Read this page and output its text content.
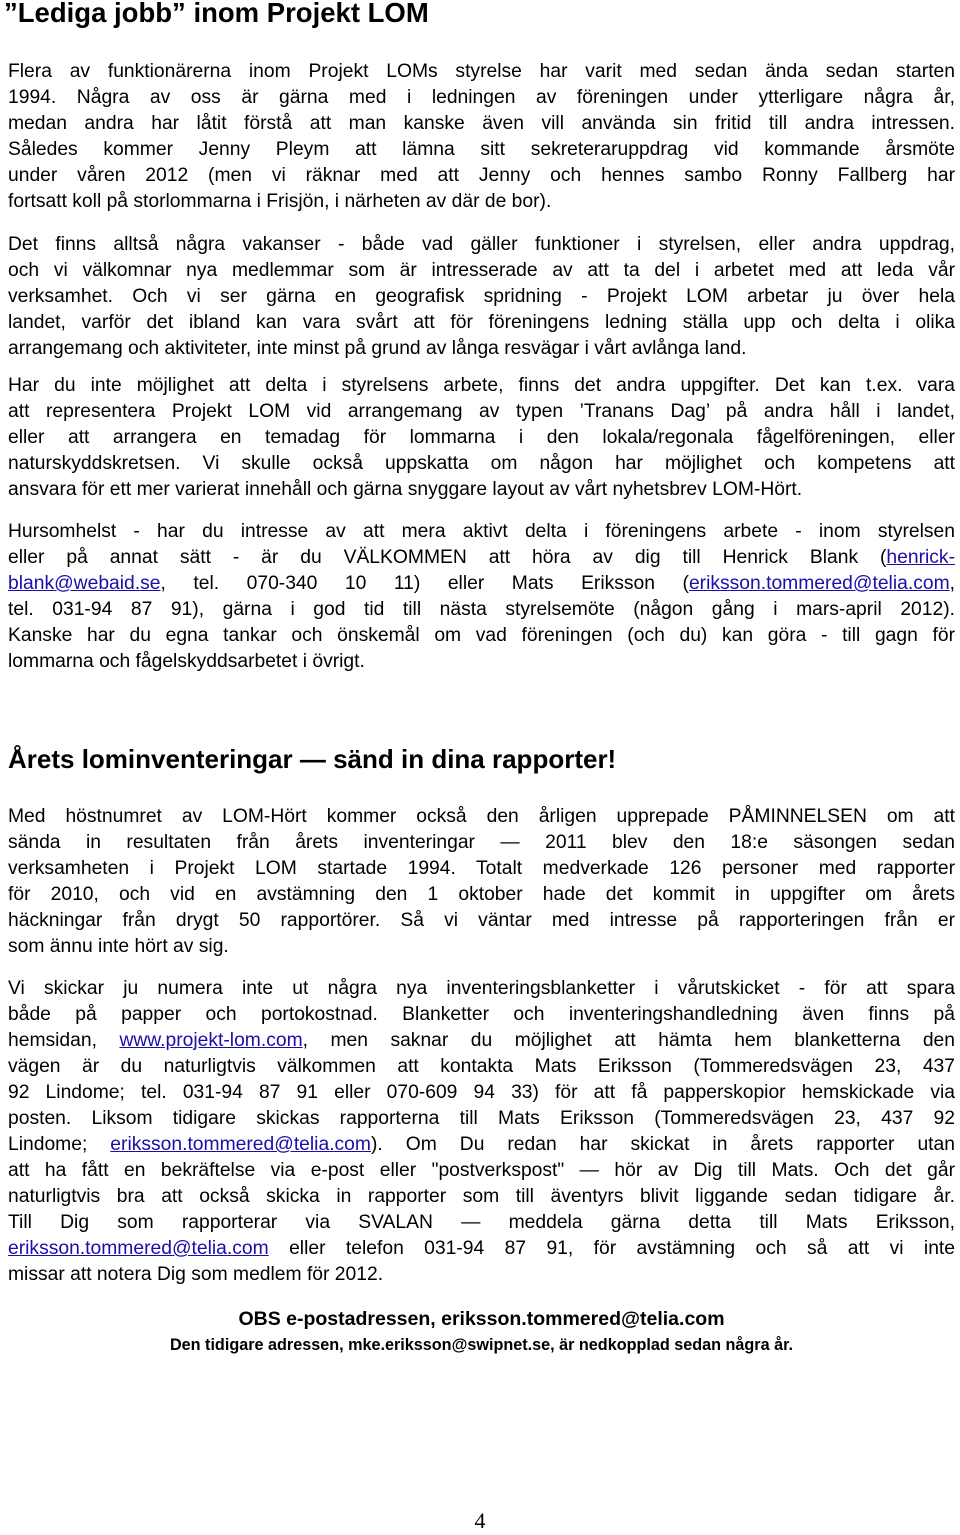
”Lediga jobb” inom Projekt LOM
Flera av funktionärerna inom Projekt LOMs styrelse har varit med sedan ända sedan starten
1994. Några av oss är gärna med i ledningen av föreningen under ytterligare några år,
medan andra har låtit förstå att man kanske även vill använda sin fritid till andra intressen.
Således kommer Jenny Pleym att lämna sitt sekreteraruppdrag vid kommande årsmöte
under våren 2012 (men vi räknar med att Jenny och hennes sambo Ronny Fallberg har
fortsatt koll på storlommarna i Frisjön, i närheten av där de bor).
Det finns alltså några vakanser - både vad gäller funktioner i styrelsen, eller andra uppdrag,
och vi välkomnar nya medlemmar som är intresserade av att ta del i arbetet med att leda vår
verksamhet. Och vi ser gärna en geografisk spridning - Projekt LOM arbetar ju över hela
landet, varför det ibland kan vara svårt att för föreningens ledning ställa upp och delta i olika
arrangemang och aktiviteter, inte minst på grund av långa resvägar i vårt avlånga land.
Har du inte möjlighet att delta i styrelsens arbete, finns det andra uppgifter. Det kan t.ex. vara
att representera Projekt LOM vid arrangemang av typen ’Tranans Dag’ på andra håll i landet,
eller att arrangera en temadag för lommarna i den lokala/regonala fågelföreningen, eller
naturskyddskretsen. Vi skulle också uppskatta om någon har möjlighet och kompetens att
ansvara för ett mer varierat innehåll och gärna snyggare layout av vårt nyhetsbrev LOM-Hört.
Hursomhelst - har du intresse av att mera aktivt delta i föreningens arbete - inom styrelsen
eller på annat sätt - är du VÄLKOMMEN att höra av dig till Henrick Blank (henrick-
blank@webaid.se, tel. 070-340 10 11) eller Mats Eriksson (eriksson.tommered@telia.com,
tel. 031-94 87 91), gärna i god tid till nästa styrelsemöte (någon gång i mars-april 2012).
Kanske har du egna tankar och önskemål om vad föreningen (och du) kan göra - till gagn för
lommarna och fågelskyddsarbetet i övrigt.
Årets lominventeringar — sänd in dina rapporter!
Med höstnumret av LOM-Hört kommer också den årligen upprepade PÅMINNELSEN om att
sända in resultaten från årets inventeringar — 2011 blev den 18:e säsongen sedan
verksamheten i Projekt LOM startade 1994. Totalt medverkade 126 personer med rapporter
för 2010, och vid en avstämning den 1 oktober hade det kommit in uppgifter om årets
häckningar från drygt 50 rapportörer. Så vi väntar med intresse på rapporteringen från er
som ännu inte hört av sig.
Vi skickar ju numera inte ut några nya inventeringsblanketter i vårutskicket - för att spara
både på papper och portokostnad. Blanketter och inventeringshandledning även finns på
hemsidan, www.projekt-lom.com, men saknar du möjlighet att hämta hem blanketterna den
vägen är du naturligtvis välkommen att kontakta Mats Eriksson (Tommeredsvägen 23, 437
92 Lindome; tel. 031-94 87 91 eller 070-609 94 33) för att få papperskopior hemskickade via
posten. Liksom tidigare skickas rapporterna till Mats Eriksson (Tommeredsvägen 23, 437 92
Lindome; eriksson.tommered@telia.com). Om Du redan har skickat in årets rapporter utan
att ha fått en bekräftelse via e-post eller "postverkspost" — hör av Dig till Mats. Och det går
naturligtvis bra att också skicka in rapporter som till äventyrs blivit liggande sedan tidigare år.
Till Dig som rapporterar via SVALAN — meddela gärna detta till Mats Eriksson,
eriksson.tommered@telia.com eller telefon 031-94 87 91, för avstämning och så att vi inte
missar att notera Dig som medlem för 2012.
OBS e-postadressen, eriksson.tommered@telia.com
Den tidigare adressen, mke.eriksson@swipnet.se, är nedkopplad sedan några år.
4
